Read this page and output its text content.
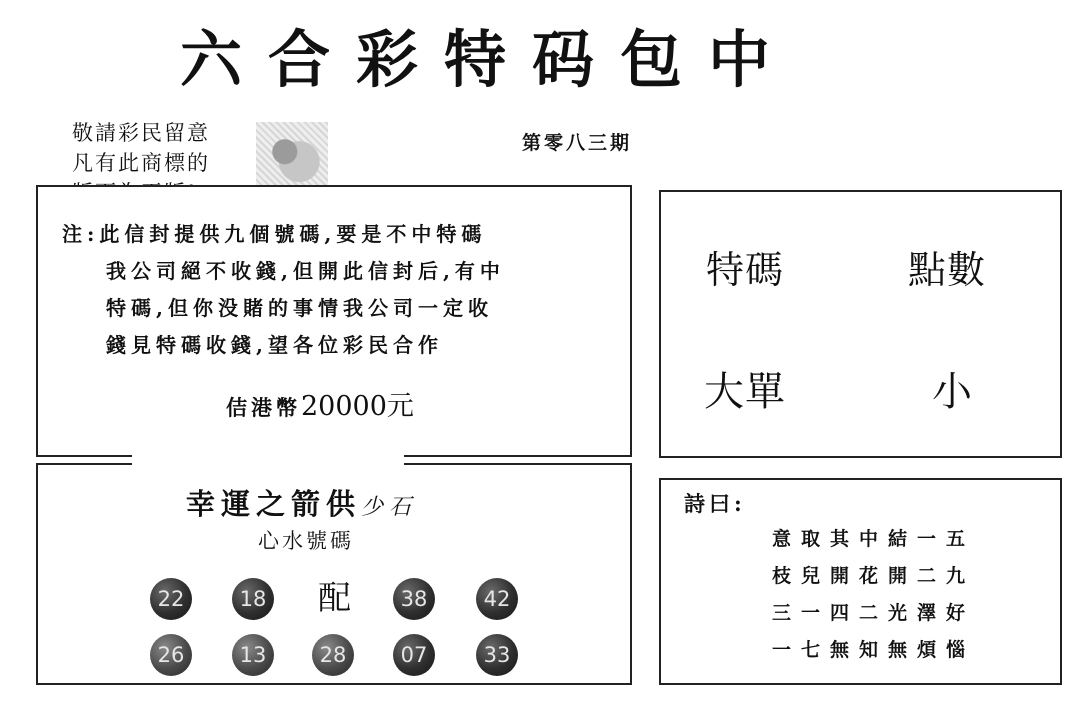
六合彩特码包中
敬請彩民留意
凡有此商標的
第零八三期
注:此信封提供九個號碼,要是不中特碼
我公司絕不收錢,但開此信封后,有中
特碼,但你没賭的事情我公司一定收
錢見特碼收錢,望各位彩民合作
佶港幣20000元
特碼	點數
大單	小
幸運之箭供少石
心水號碼
配
22	18	38	42
26	13	28	07	33
詩曰:
意取其中結一五
枝兒開花開二九
三一四二光澤好
一七無知無煩惱
